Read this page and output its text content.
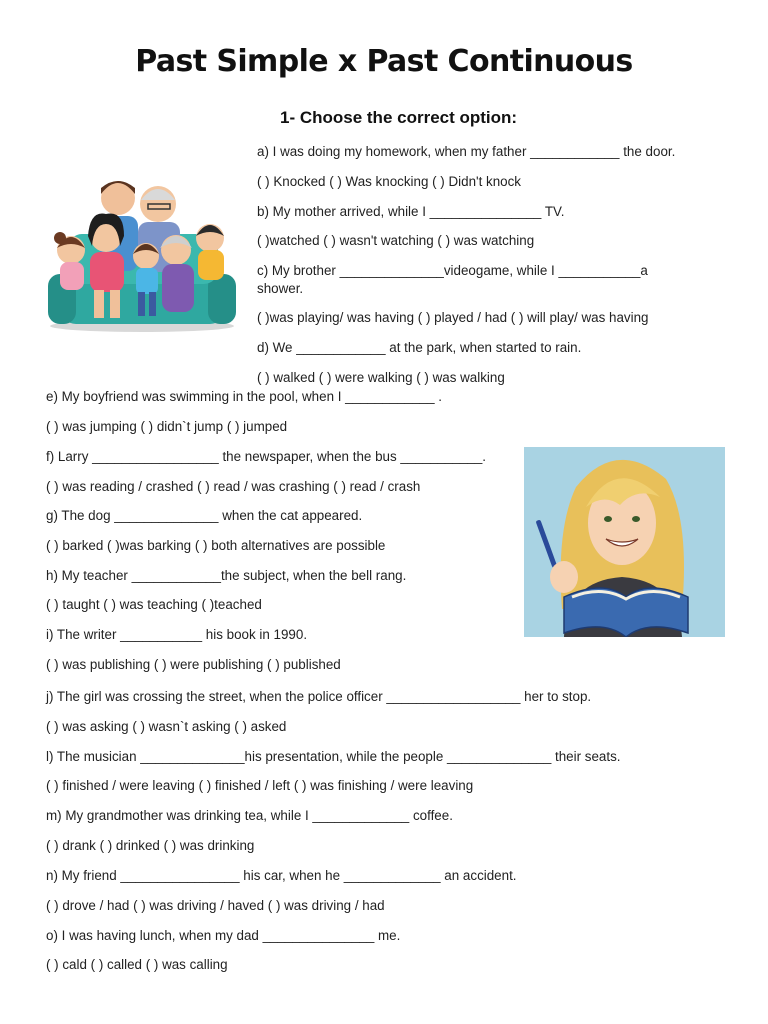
Past Simple x Past Continuous
1- Choose the correct option:
a) I was doing my homework, when my father ____________ the door.
( ) Knocked ( ) Was knocking ( ) Didn't knock
b) My mother arrived, while I _______________ TV.
( )watched ( ) wasn't watching ( ) was watching
c) My brother ______________videogame, while I ___________a
shower.
( )was playing/ was having ( ) played / had ( ) will play/ was having
d) We ____________ at the park, when started to rain.
( ) walked ( ) were walking ( ) was walking
e) My boyfriend was swimming in the pool, when I ____________ .
( ) was jumping ( ) didn`t jump ( ) jumped
f) Larry _________________ the newspaper, when the bus ___________.
( ) was reading / crashed ( ) read / was crashing ( ) read / crash
g) The dog ______________ when the cat appeared.
( ) barked ( )was barking ( ) both alternatives are possible
h) My teacher ____________the subject, when the bell rang.
( ) taught ( ) was teaching ( )teached
i) The writer ___________ his book in 1990.
( ) was publishing ( ) were publishing ( ) published
j) The girl was crossing the street, when the police officer __________________ her to stop.
( ) was asking ( ) wasn`t asking ( ) asked
l) The musician ______________his presentation, while the people ______________ their seats.
( ) finished / were leaving ( ) finished / left ( ) was finishing / were leaving
m) My grandmother was drinking tea, while I _____________ coffee.
( ) drank ( ) drinked ( ) was drinking
n) My friend ________________ his car, when he _____________ an accident.
( ) drove / had ( ) was driving / haved ( ) was driving / had
o) I was having lunch, when my dad _______________ me.
( ) cald ( ) called ( ) was calling
